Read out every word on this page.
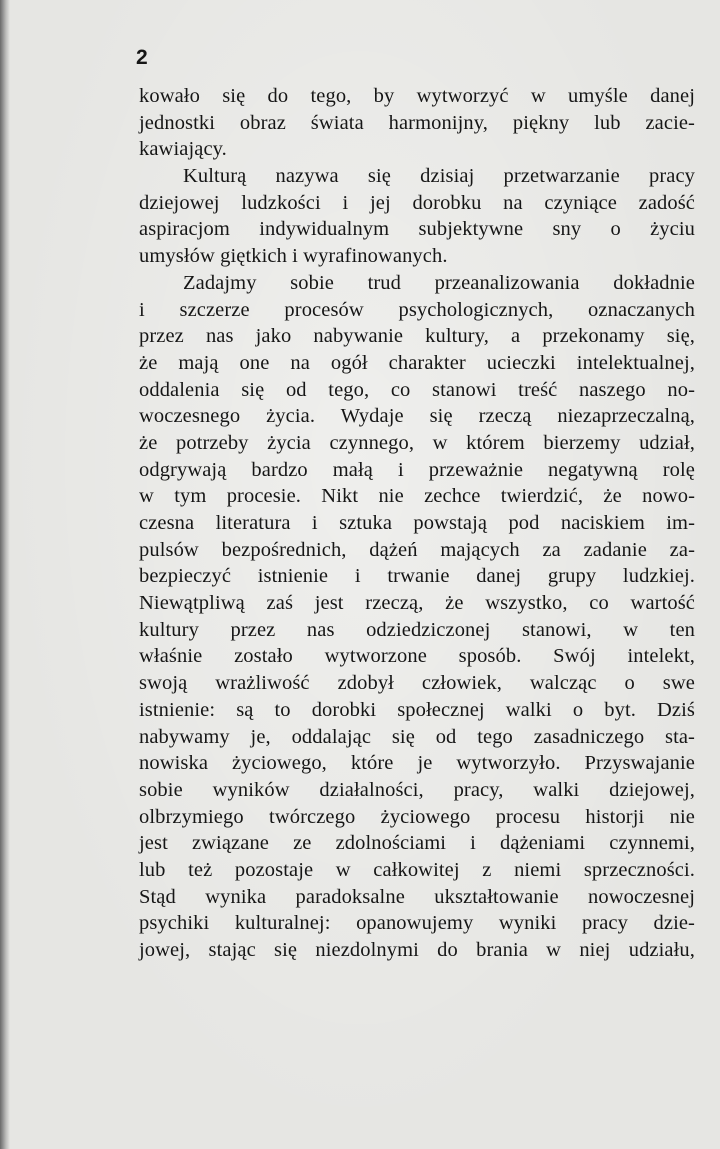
2
kowało się do tego, by wytworzyć w umyśle danej
jednostki obraz świata harmonijny, piękny lub zacie-
kawiający.
Kulturą nazywa się dzisiaj przetwarzanie pracy
dziejowej ludzkości i jej dorobku na czyniące zadość
aspiracjom indywidualnym subjektywne sny o życiu
umysłów giętkich i wyrafinowanych.
Zadajmy sobie trud przeanalizowania dokładnie
i szczerze procesów psychologicznych, oznaczanych
przez nas jako nabywanie kultury, a przekonamy się,
że mają one na ogół charakter ucieczki intelektualnej,
oddalenia się od tego, co stanowi treść naszego no-
woczesnego życia. Wydaje się rzeczą niezaprzeczalną,
że potrzeby życia czynnego, w którem bierzemy udział,
odgrywają bardzo małą i przeważnie negatywną rolę
w tym procesie. Nikt nie zechce twierdzić, że nowo-
czesna literatura i sztuka powstają pod naciskiem im-
pulsów bezpośrednich, dążeń mających za zadanie za-
bezpieczyć istnienie i trwanie danej grupy ludzkiej.
Niewątpliwą zaś jest rzeczą, że wszystko, co wartość
kultury przez nas odziedziczonej stanowi, w ten
właśnie zostało wytworzone sposób. Swój intelekt,
swoją wrażliwość zdobył człowiek, walcząc o swe
istnienie: są to dorobki społecznej walki o byt. Dziś
nabywamy je, oddalając się od tego zasadniczego sta-
nowiska życiowego, które je wytworzyło. Przyswajanie
sobie wyników działalności, pracy, walki dziejowej,
olbrzymiego twórczego życiowego procesu historji nie
jest związane ze zdolnościami i dążeniami czynnemi,
lub też pozostaje w całkowitej z niemi sprzeczności.
Stąd wynika paradoksalne ukształtowanie nowoczesnej
psychiki kulturalnej: opanowujemy wyniki pracy dzie-
jowej, stając się niezdolnymi do brania w niej udziału,
